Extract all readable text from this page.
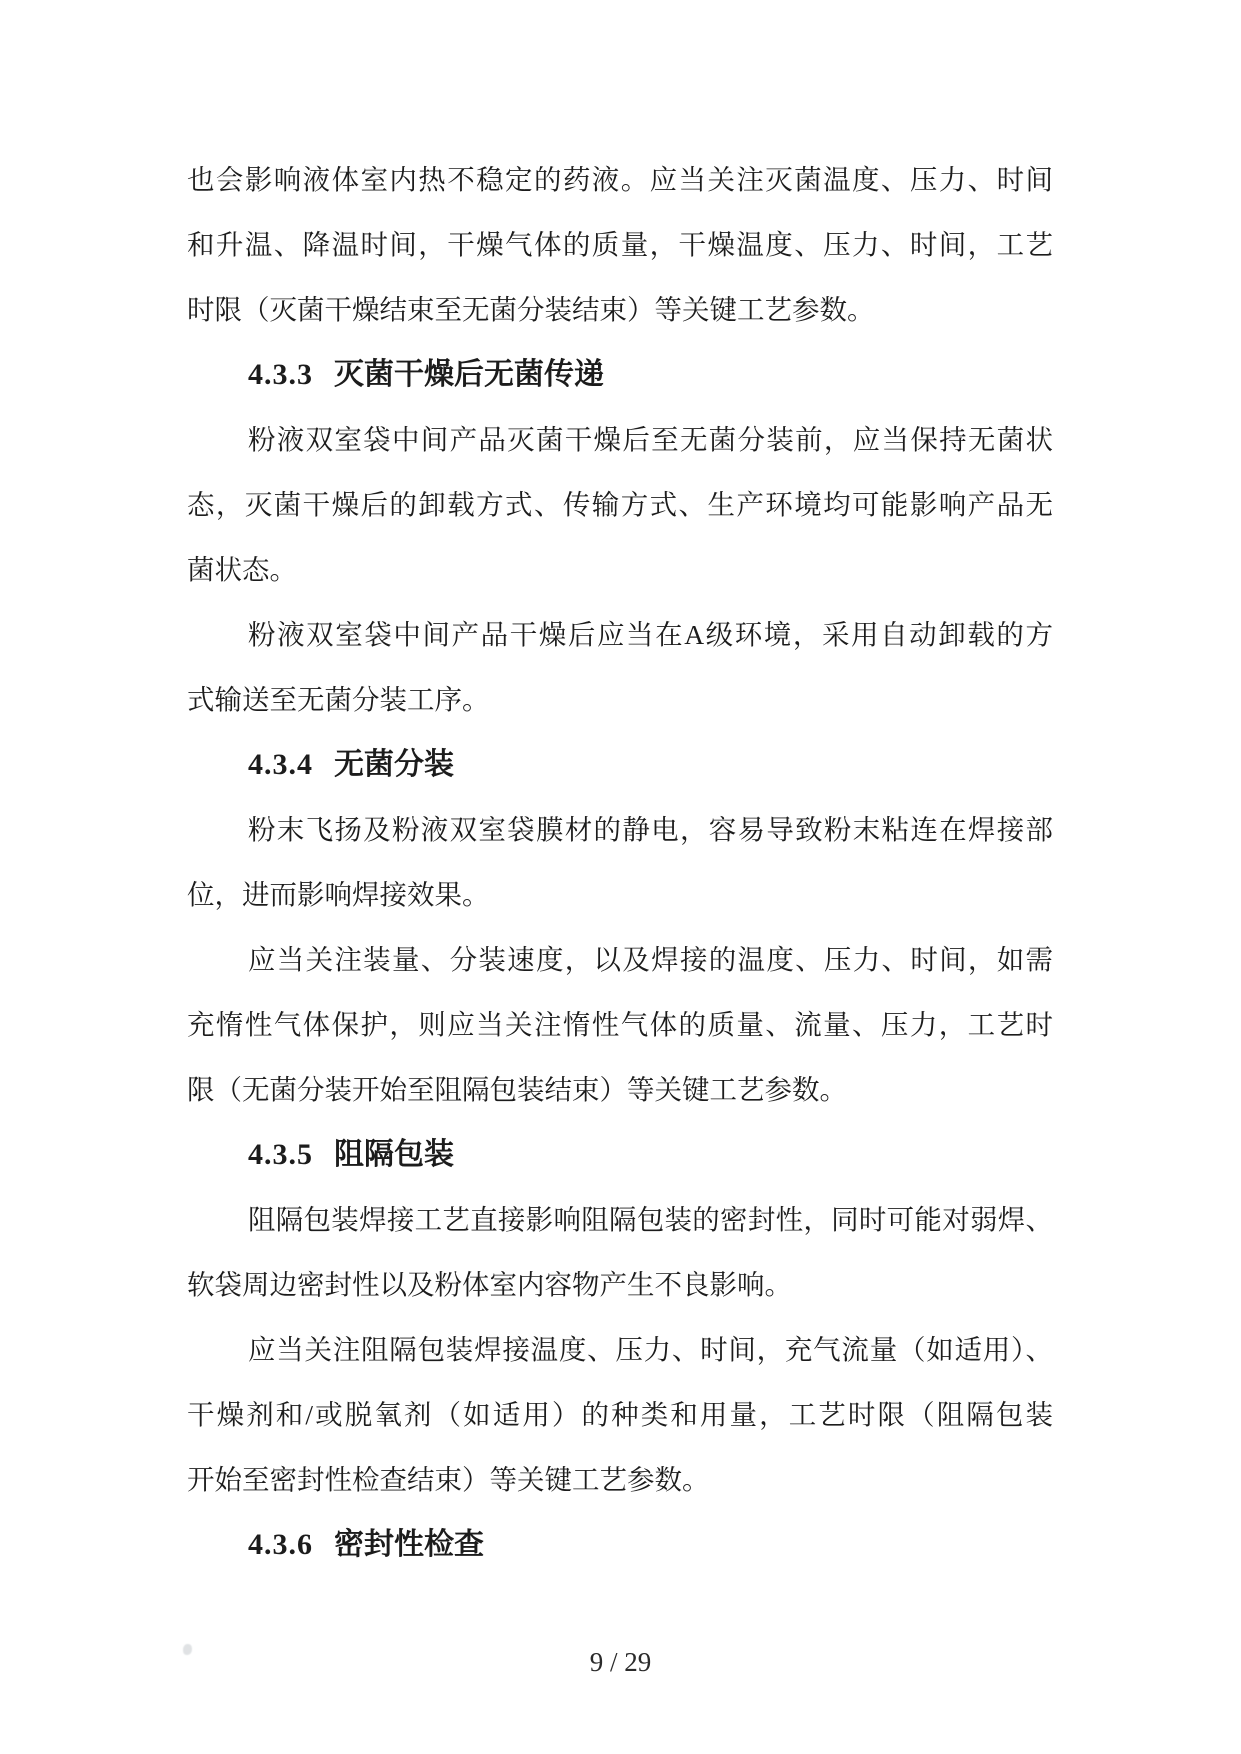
也会影响液体室内热不稳定的药液。应当关注灭菌温度、压力、时间
和升温、降温时间，干燥气体的质量，干燥温度、压力、时间，工艺
时限（灭菌干燥结束至无菌分装结束）等关键工艺参数。
4.3.3 灭菌干燥后无菌传递
粉液双室袋中间产品灭菌干燥后至无菌分装前，应当保持无菌状
态，灭菌干燥后的卸载方式、传输方式、生产环境均可能影响产品无
菌状态。
粉液双室袋中间产品干燥后应当在A级环境，采用自动卸载的方
式输送至无菌分装工序。
4.3.4 无菌分装
粉末飞扬及粉液双室袋膜材的静电，容易导致粉末粘连在焊接部
位，进而影响焊接效果。
应当关注装量、分装速度，以及焊接的温度、压力、时间，如需
充惰性气体保护，则应当关注惰性气体的质量、流量、压力，工艺时
限（无菌分装开始至阻隔包装结束）等关键工艺参数。
4.3.5 阻隔包装
阻隔包装焊接工艺直接影响阻隔包装的密封性，同时可能对弱焊、
软袋周边密封性以及粉体室内容物产生不良影响。
应当关注阻隔包装焊接温度、压力、时间，充气流量（如适用）、
干燥剂和/或脱氧剂（如适用）的种类和用量，工艺时限（阻隔包装
开始至密封性检查结束）等关键工艺参数。
4.3.6 密封性检查
9 / 29
